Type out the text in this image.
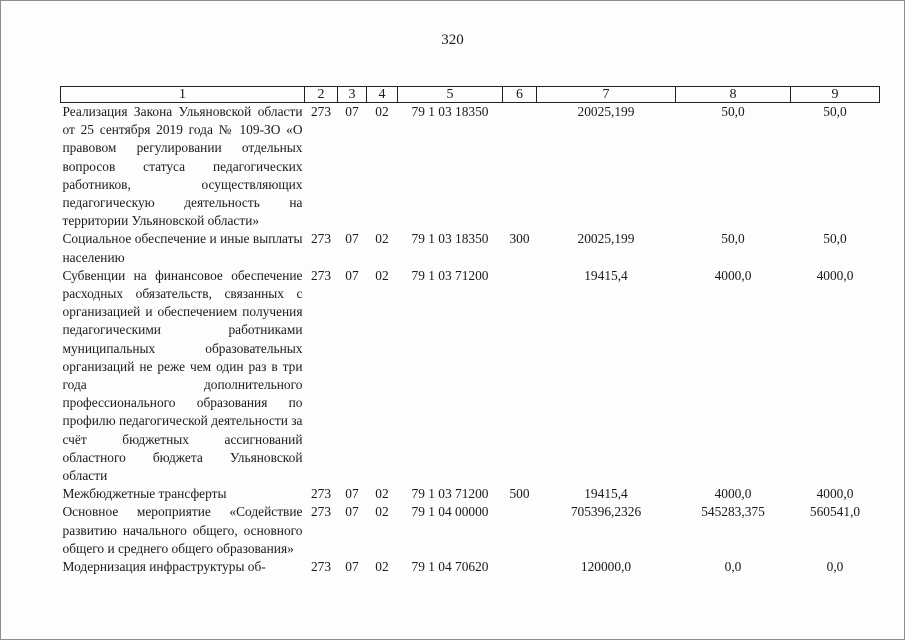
320
1	2	3	4	5	6	7	8	9
Реализация Закона Ульяновской области от 25 сентября 2019 года № 109-ЗО «О правовом регулировании отдельных вопросов статуса педагогических работников, осуществляющих педагогическую деятельность на территории Ульяновской области»	273	07	02	79 1 03 18350		20025,199	50,0	50,0
Социальное обеспечение и иные выплаты населению	273	07	02	79 1 03 18350	300	20025,199	50,0	50,0
Субвенции на финансовое обеспечение расходных обязательств, связанных с организацией и обеспечением получения педагогическими работниками муниципальных образовательных организаций не реже чем один раз в три года дополнительного профессионального образования по профилю педагогической деятельности за счёт бюджетных ассигнований областного бюджета Ульяновской области	273	07	02	79 1 03 71200		19415,4	4000,0	4000,0
Межбюджетные трансферты	273	07	02	79 1 03 71200	500	19415,4	4000,0	4000,0
Основное мероприятие «Содействие развитию начального общего, основного общего и среднего общего образования»	273	07	02	79 1 04 00000		705396,2326	545283,375	560541,0
Модернизация инфраструктуры об-	273	07	02	79 1 04 70620		120000,0	0,0	0,0
